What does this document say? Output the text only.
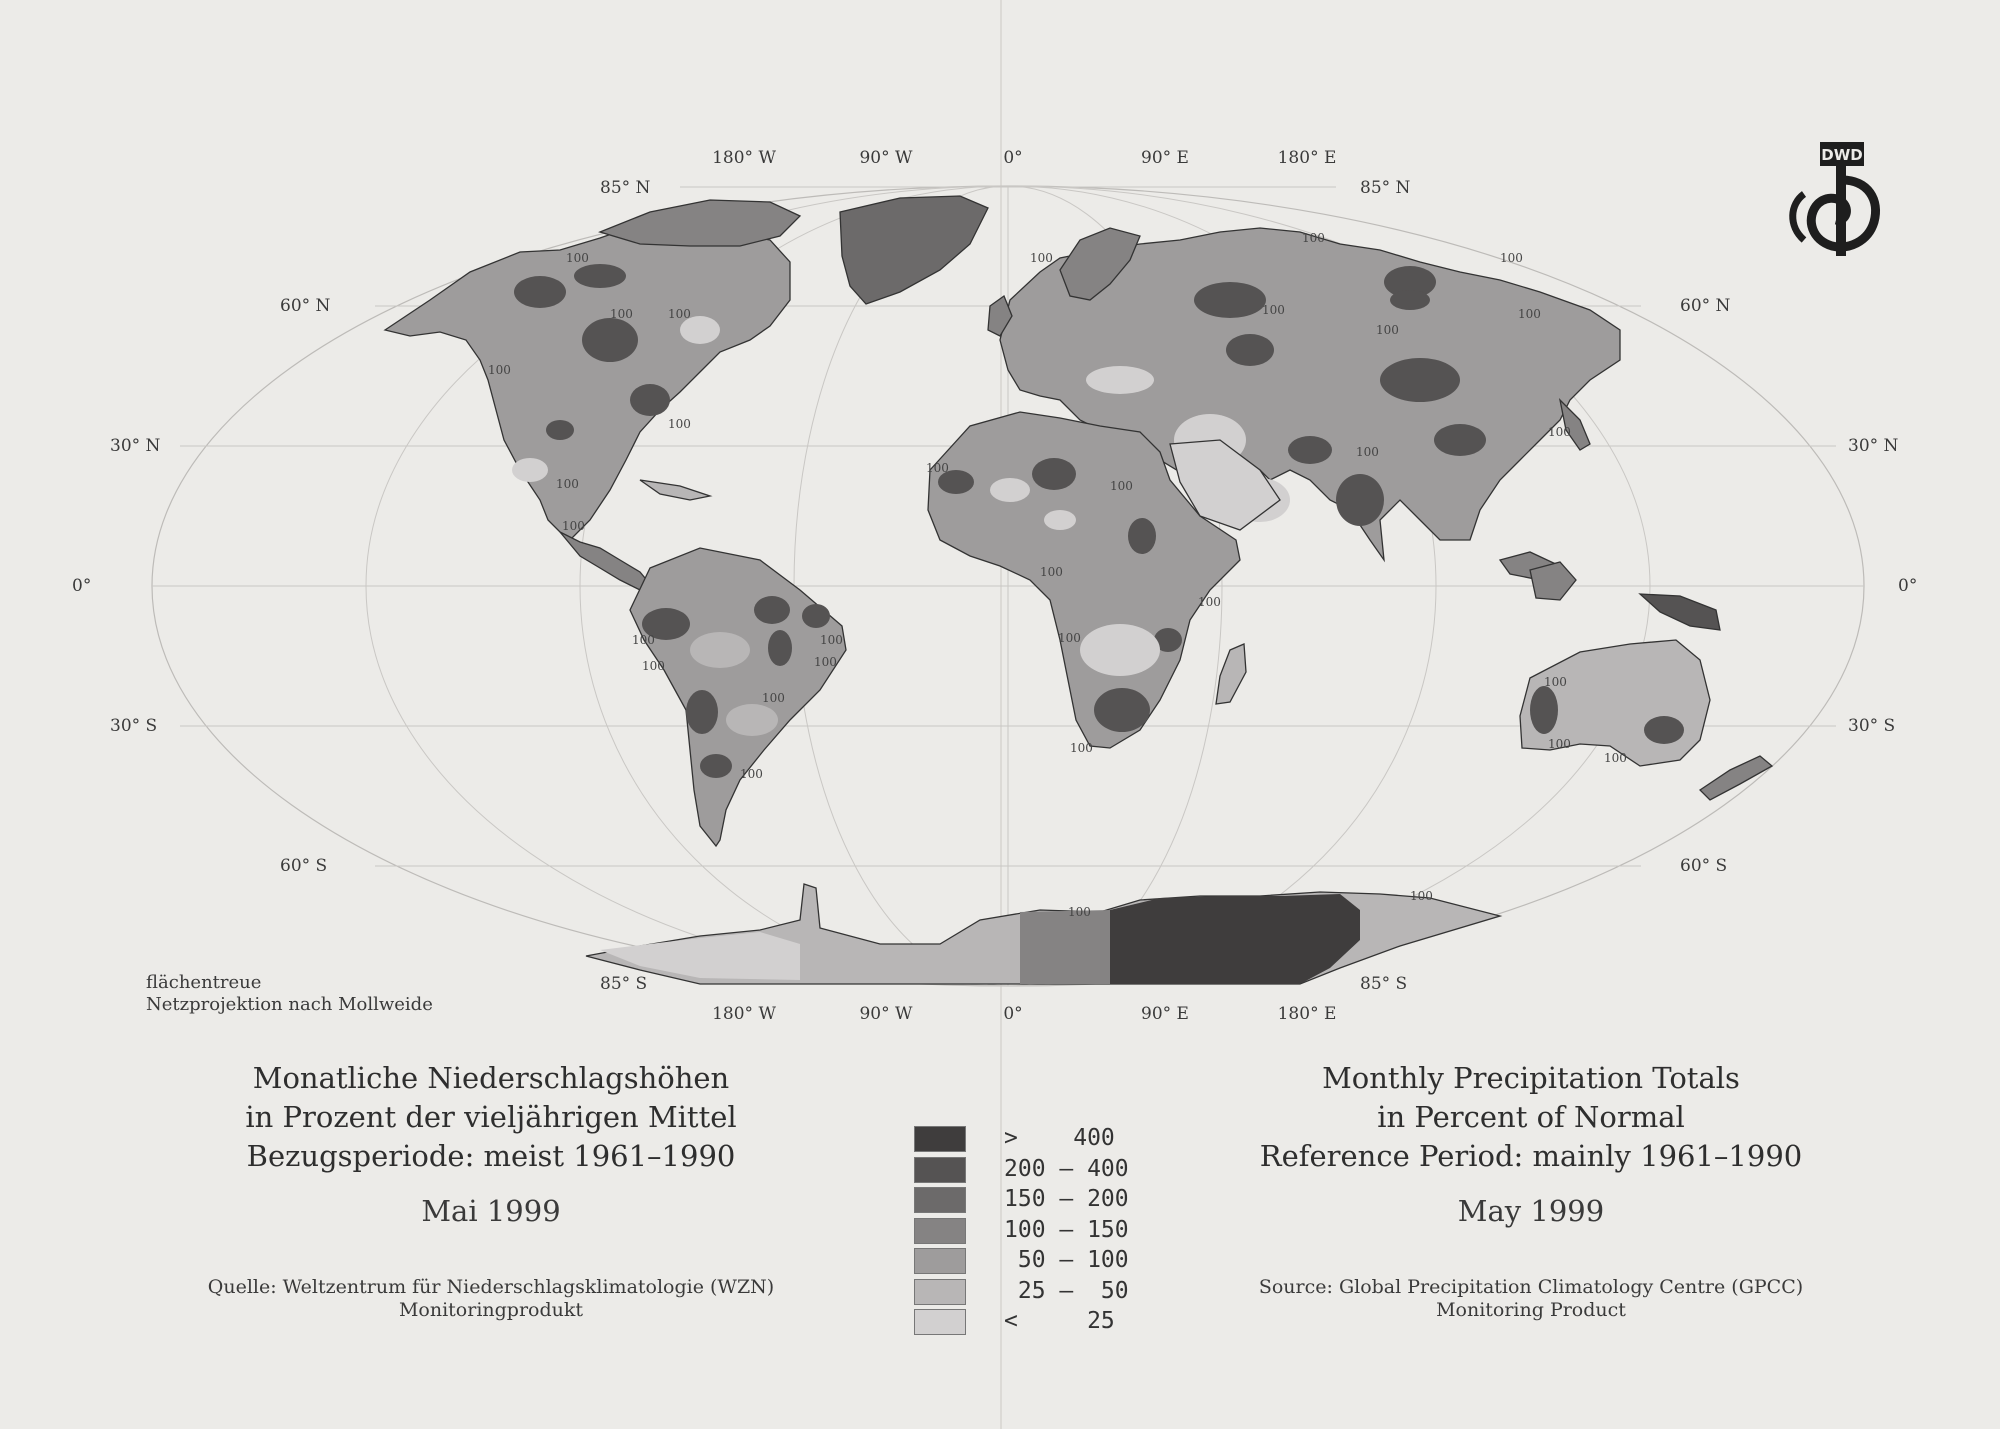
100
100	100
100
100
100
100
100
100
100
100
100
100
100
100
100
100
100
100
100
100
100
100
100
100
100
100
100
100
100
100
100
180° W	90° W	0°	90° E	180° E
180° W	90° W	0°	90° E	180° E
85° N
60° N
30° N
0°
30° S
60° S
85° S
85° N
60° N
30° N
0°
30° S
60° S
85° S
DWD
flächentreue
Netzprojektion nach Mollweide
Monatliche Niederschlagshöhen
in Prozent der vieljährigen Mittel
Bezugsperiode: meist 1961–1990
Mai 1999
Quelle: Weltzentrum für Niederschlagsklimatologie (WZN)
Monitoringprodukt
Monthly Precipitation Totals
in Percent of Normal
Reference Period: mainly 1961–1990
May 1999
Source: Global Precipitation Climatology Centre (GPCC)
Monitoring Product
>    400
200 – 400
150 – 200
100 – 150
50 – 100
25 –  50
<     25
